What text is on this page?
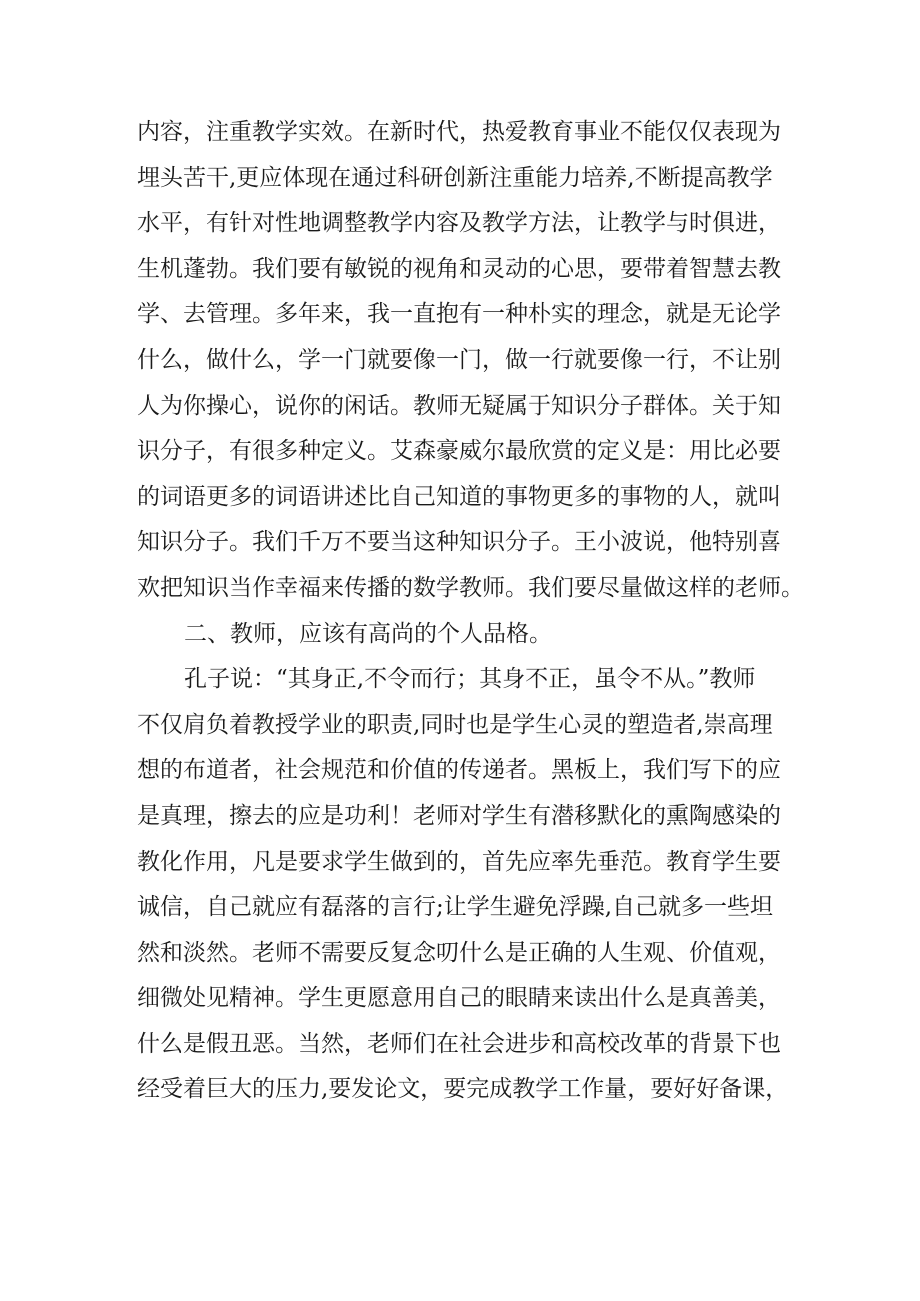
内容，注重教学实效。在新时代，热爱教育事业不能仅仅表现为
埋头苦干,更应体现在通过科研创新注重能力培养,不断提高教学
水平，有针对性地调整教学内容及教学方法，让教学与时俱进，
生机蓬勃。我们要有敏锐的视角和灵动的心思，要带着智慧去教
学、去管理。多年来，我一直抱有一种朴实的理念，就是无论学
什么，做什么，学一门就要像一门，做一行就要像一行，不让别
人为你操心，说你的闲话。教师无疑属于知识分子群体。关于知
识分子，有很多种定义。艾森豪威尔最欣赏的定义是：用比必要
的词语更多的词语讲述比自己知道的事物更多的事物的人，就叫
知识分子。我们千万不要当这种知识分子。王小波说，他特别喜
欢把知识当作幸福来传播的数学教师。我们要尽量做这样的老师。
二、教师，应该有高尚的个人品格。
孔子说：“其身正,不令而行；其身不正，虽令不从。”教师
不仅肩负着教授学业的职责,同时也是学生心灵的塑造者,崇高理
想的布道者，社会规范和价值的传递者。黑板上，我们写下的应
是真理，擦去的应是功利！老师对学生有潜移默化的熏陶感染的
教化作用，凡是要求学生做到的，首先应率先垂范。教育学生要
诚信，自己就应有磊落的言行;让学生避免浮躁,自己就多一些坦
然和淡然。老师不需要反复念叨什么是正确的人生观、价值观，
细微处见精神。学生更愿意用自己的眼睛来读出什么是真善美，
什么是假丑恶。当然，老师们在社会进步和高校改革的背景下也
经受着巨大的压力,要发论文，要完成教学工作量，要好好备课，
